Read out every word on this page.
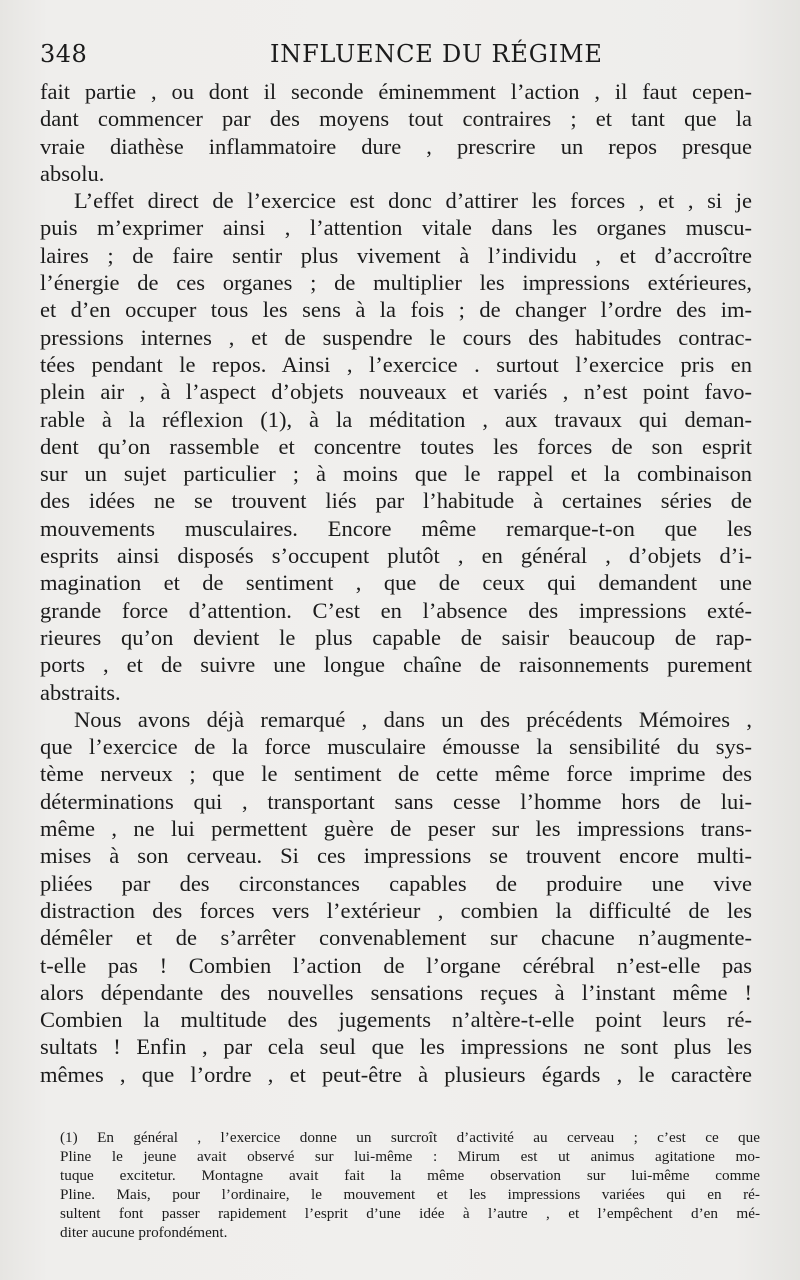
348	INFLUENCE DU RÉGIME
fait partie , ou dont il seconde éminemment l’action , il faut cepen-
dant commencer par des moyens tout contraires ; et tant que la
vraie diathèse inflammatoire dure , prescrire un repos presque
absolu.
L’effet direct de l’exercice est donc d’attirer les forces , et , si je
puis m’exprimer ainsi , l’attention vitale dans les organes muscu-
laires ; de faire sentir plus vivement à l’individu , et d’accroître
l’énergie de ces organes ; de multiplier les impressions extérieures,
et d’en occuper tous les sens à la fois ; de changer l’ordre des im-
pressions internes , et de suspendre le cours des habitudes contrac-
tées pendant le repos. Ainsi , l’exercice . surtout l’exercice pris en
plein air , à l’aspect d’objets nouveaux et variés , n’est point favo-
rable à la réflexion (1), à la méditation , aux travaux qui deman-
dent qu’on rassemble et concentre toutes les forces de son esprit
sur un sujet particulier ; à moins que le rappel et la combinaison
des idées ne se trouvent liés par l’habitude à certaines séries de
mouvements musculaires. Encore même remarque-t-on que les
esprits ainsi disposés s’occupent plutôt , en général , d’objets d’i-
magination et de sentiment , que de ceux qui demandent une
grande force d’attention. C’est en l’absence des impressions exté-
rieures qu’on devient le plus capable de saisir beaucoup de rap-
ports , et de suivre une longue chaîne de raisonnements purement
abstraits.
Nous avons déjà remarqué , dans un des précédents Mémoires ,
que l’exercice de la force musculaire émousse la sensibilité du sys-
tème nerveux ; que le sentiment de cette même force imprime des
déterminations qui , transportant sans cesse l’homme hors de lui-
même , ne lui permettent guère de peser sur les impressions trans-
mises à son cerveau. Si ces impressions se trouvent encore multi-
pliées par des circonstances capables de produire une vive
distraction des forces vers l’extérieur , combien la difficulté de les
démêler et de s’arrêter convenablement sur chacune n’augmente-
t-elle pas ! Combien l’action de l’organe cérébral n’est-elle pas
alors dépendante des nouvelles sensations reçues à l’instant même !
Combien la multitude des jugements n’altère-t-elle point leurs ré-
sultats ! Enfin , par cela seul que les impressions ne sont plus les
mêmes , que l’ordre , et peut-être à plusieurs égards , le caractère
(1) En général , l’exercice donne un surcroît d’activité au cerveau ; c’est ce que
Pline le jeune avait observé sur lui-même : Mirum est ut animus agitatione mo-
tuque excitetur. Montagne avait fait la même observation sur lui-même comme
Pline. Mais, pour l’ordinaire, le mouvement et les impressions variées qui en ré-
sultent font passer rapidement l’esprit d’une idée à l’autre , et l’empêchent d’en mé-
diter aucune profondément.
